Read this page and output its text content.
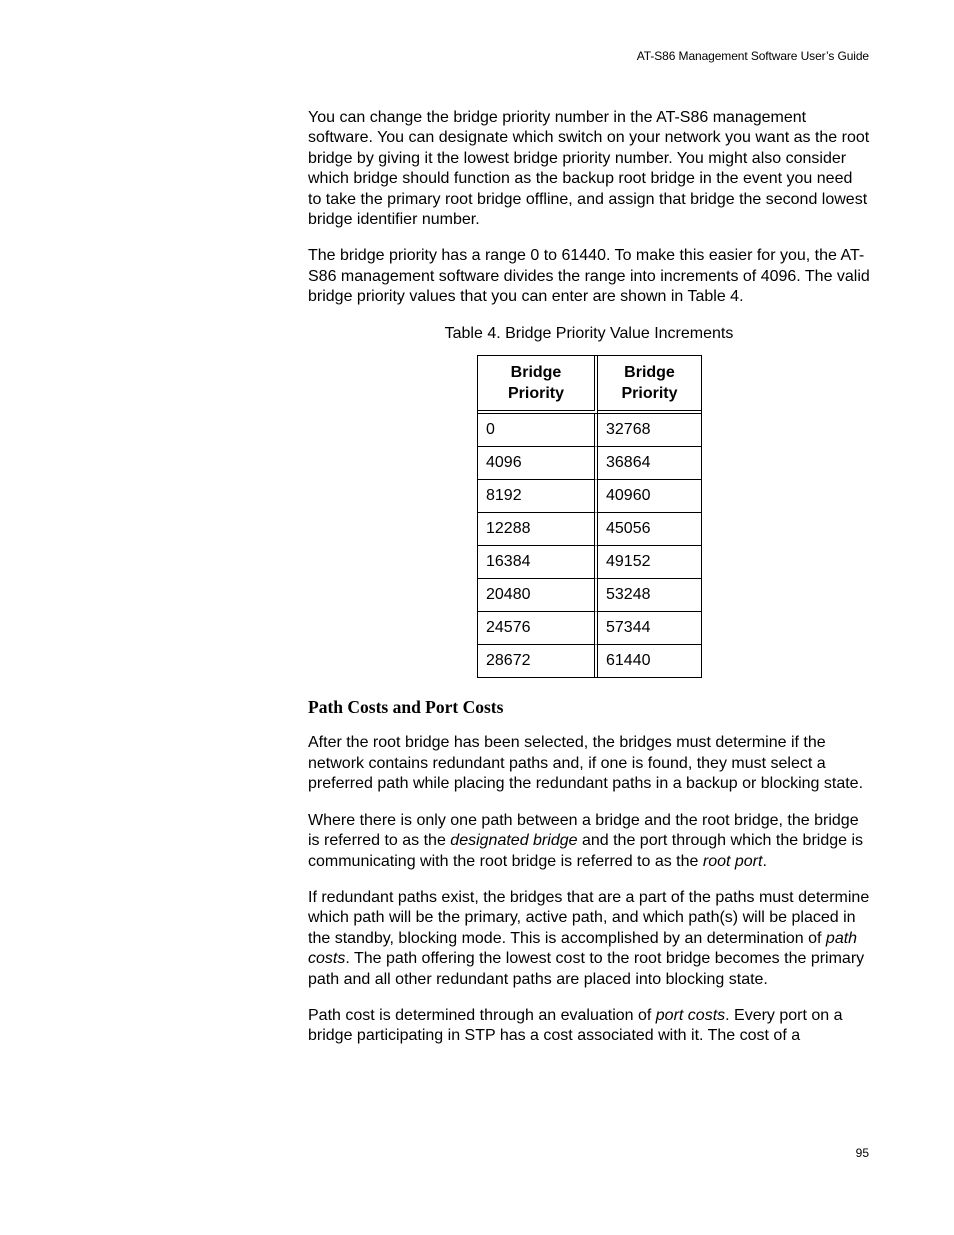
AT-S86 Management Software User’s Guide

You can change the bridge priority number in the AT-S86 management software. You can designate which switch on your network you want as the root bridge by giving it the lowest bridge priority number. You might also consider which bridge should function as the backup root bridge in the event you need to take the primary root bridge offline, and assign that bridge the second lowest bridge identifier number.

The bridge priority has a range 0 to 61440. To make this easier for you, the AT-S86 management software divides the range into increments of 4096. The valid bridge priority values that you can enter are shown in Table 4.

Table 4. Bridge Priority Value Increments
Bridge Priority	Bridge Priority
0	32768
4096	36864
8192	40960
12288	45056
16384	49152
20480	53248
24576	57344
28672	61440
Path Costs and Port Costs

After the root bridge has been selected, the bridges must determine if the network contains redundant paths and, if one is found, they must select a preferred path while placing the redundant paths in a backup or blocking state.

Where there is only one path between a bridge and the root bridge, the bridge is referred to as the designated bridge and the port through which the bridge is communicating with the root bridge is referred to as the root port.

If redundant paths exist, the bridges that are a part of the paths must determine which path will be the primary, active path, and which path(s) will be placed in the standby, blocking mode. This is accomplished by an determination of path costs. The path offering the lowest cost to the root bridge becomes the primary path and all other redundant paths are placed into blocking state.

Path cost is determined through an evaluation of port costs. Every port on a bridge participating in STP has a cost associated with it. The cost of a

95
